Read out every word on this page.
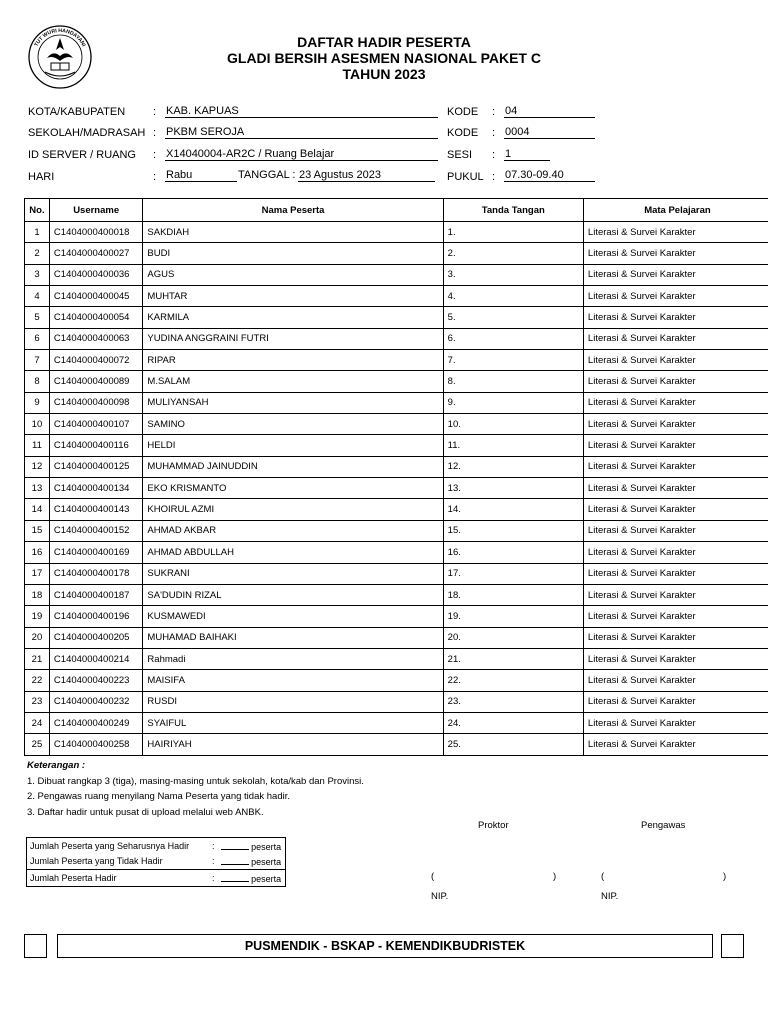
TUT WURI HANDAYANI	DAFTAR HADIR PESERTA
GLADI BERSIH ASESMEN NASIONAL PAKET C
TAHUN 2023
KOTA/KABUPATEN	: KAB. KAPUAS
SEKOLAH/MADRASAH : PKBM SEROJA
ID SERVER / RUANG : X14040004-AR2C / Ruang Belajar
HARI	: Rabu	TANGGAL : 23 Agustus 2023
KODE : 04
KODE : 0004
SESI : 1
PUKUL : 07.30-09.40
No.	Username	Nama Peserta	Tanda Tangan	Mata Pelajaran
1	C1404000400018	SAKDIAH	1.	Literasi & Survei Karakter
2	C1404000400027	BUDI	2.	Literasi & Survei Karakter
3	C1404000400036	AGUS	3.	Literasi & Survei Karakter
4	C1404000400045	MUHTAR	4.	Literasi & Survei Karakter
5	C1404000400054	KARMILA	5.	Literasi & Survei Karakter
6	C1404000400063	YUDINA ANGGRAINI FUTRI	6.	Literasi & Survei Karakter
7	C1404000400072	RIPAR	7.	Literasi & Survei Karakter
8	C1404000400089	M.SALAM	8.	Literasi & Survei Karakter
9	C1404000400098	MULIYANSAH	9.	Literasi & Survei Karakter
10	C1404000400107	SAMINO	10.	Literasi & Survei Karakter
11	C1404000400116	HELDI	11.	Literasi & Survei Karakter
12	C1404000400125	MUHAMMAD JAINUDDIN	12.	Literasi & Survei Karakter
13	C1404000400134	EKO KRISMANTO	13.	Literasi & Survei Karakter
14	C1404000400143	KHOIRUL AZMI	14.	Literasi & Survei Karakter
15	C1404000400152	AHMAD AKBAR	15.	Literasi & Survei Karakter
16	C1404000400169	AHMAD ABDULLAH	16.	Literasi & Survei Karakter
17	C1404000400178	SUKRANI	17.	Literasi & Survei Karakter
18	C1404000400187	SA'DUDIN RIZAL	18.	Literasi & Survei Karakter
19	C1404000400196	KUSMAWEDI	19.	Literasi & Survei Karakter
20	C1404000400205	MUHAMAD BAIHAKI	20.	Literasi & Survei Karakter
21	C1404000400214	Rahmadi	21.	Literasi & Survei Karakter
22	C1404000400223	MAISIFA	22.	Literasi & Survei Karakter
23	C1404000400232	RUSDI	23.	Literasi & Survei Karakter
24	C1404000400249	SYAIFUL	24.	Literasi & Survei Karakter
25	C1404000400258	HAIRIYAH	25.	Literasi & Survei Karakter
Keterangan :
1. Dibuat rangkap 3 (tiga), masing-masing untuk sekolah, kota/kab dan Provinsi.
2. Pengawas ruang menyilang Nama Peserta yang tidak hadir.
3. Daftar hadir untuk pusat di upload melalui web ANBK.
Jumlah Peserta yang Seharusnya Hadir	:	peserta
Jumlah Peserta yang Tidak Hadir	:	peserta
Jumlah Peserta Hadir	:	peserta
Proktor	Pengawas
(	)	(	)
NIP.	NIP.
PUSMENDIK - BSKAP - KEMENDIKBUDRISTEK
